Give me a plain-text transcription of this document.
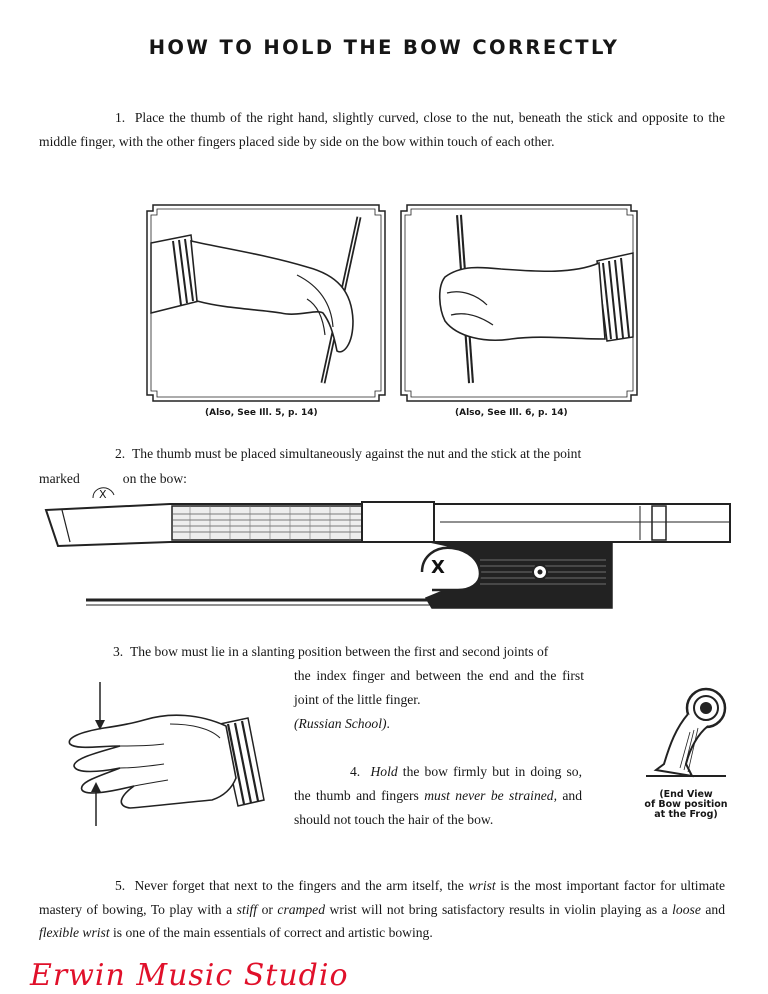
HOW TO HOLD THE BOW CORRECTLY
1. Place the thumb of the right hand, slightly curved, close to the nut, beneath the stick and opposite to the middle finger, with the other fingers placed side by side on the bow within touch of each other.
(Also, See Ill. 5, p. 14)	(Also, See Ill. 6, p. 14)
2. The thumb must be placed simultaneously against the nut and the stick at the point
marked
X
on the bow:
X
3. The bow must lie in a slanting position between the first and second joints of
the index finger and between the end and the first joint of the little finger.
(Russian School).
4. Hold the bow firmly but in doing so, the thumb and fingers must never be strained, and should not touch the hair of the bow.
(End View
of Bow position
at the Frog)
5. Never forget that next to the fingers and the arm itself, the wrist is the most important factor for ultimate mastery of bowing, To play with a stiff or cramped wrist will not bring satisfactory results in violin playing as a loose and flexible wrist is one of the main essentials of correct and artistic bowing.
Erwin Music Studio
